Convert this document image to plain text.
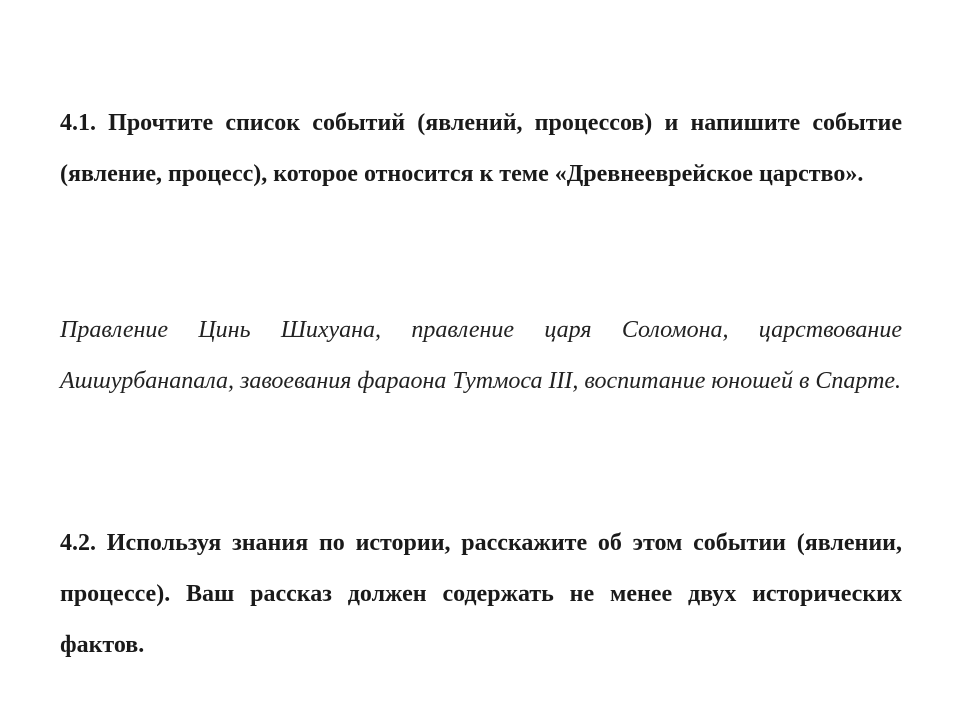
4.1. Прочтите список событий (явлений, процессов) и напишите событие (явление, процесс), которое относится к теме «Древнееврейское царство».

Правление Цинь Шихуана, правление царя Соломона, царствование Ашшурбанапала, завоевания фараона Тутмоса III, воспитание юношей в Спарте.

4.2. Используя знания по истории, расскажите об этом событии (явлении, процессе). Ваш рассказ должен содержать не менее двух исторических фактов.
